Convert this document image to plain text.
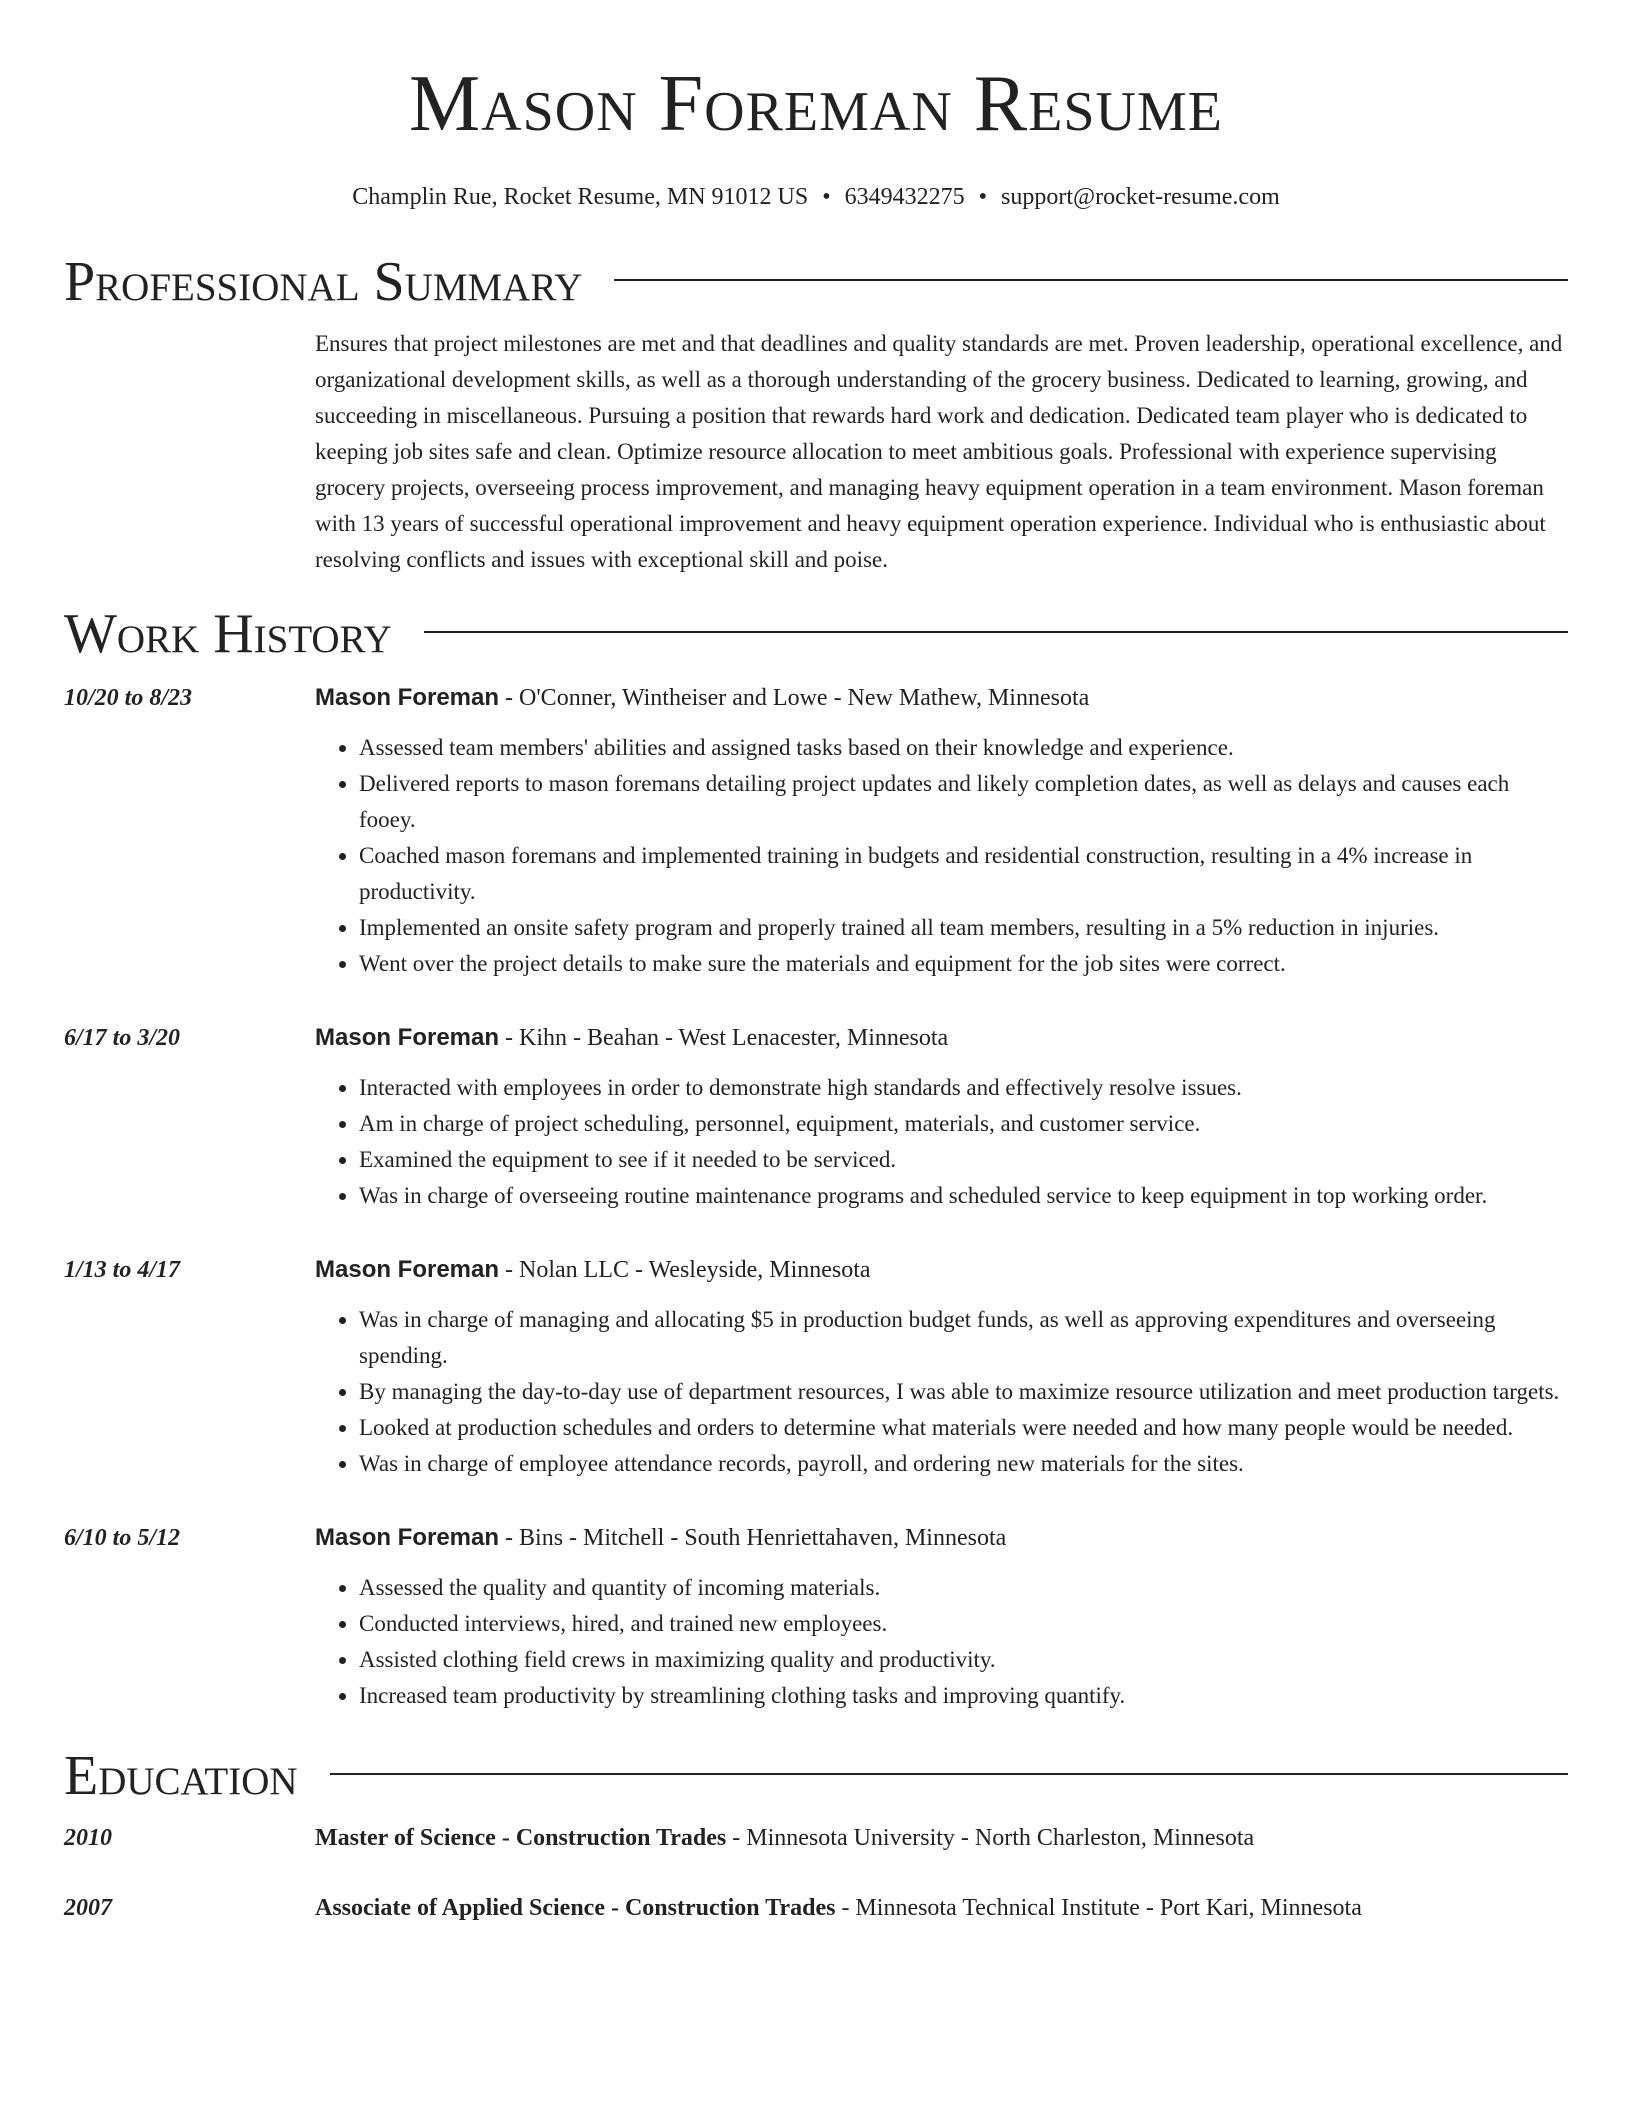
Mason Foreman Resume
Champlin Rue, Rocket Resume, MN 91012 US • 6349432275 • support@rocket-resume.com
Professional Summary
Ensures that project milestones are met and that deadlines and quality standards are met. Proven leadership, operational excellence, and organizational development skills, as well as a thorough understanding of the grocery business. Dedicated to learning, growing, and succeeding in miscellaneous. Pursuing a position that rewards hard work and dedication. Dedicated team player who is dedicated to keeping job sites safe and clean. Optimize resource allocation to meet ambitious goals. Professional with experience supervising grocery projects, overseeing process improvement, and managing heavy equipment operation in a team environment. Mason foreman with 13 years of successful operational improvement and heavy equipment operation experience. Individual who is enthusiastic about resolving conflicts and issues with exceptional skill and poise.
Work History
10/20 to 8/23	Mason Foreman - O'Conner, Wintheiser and Lowe - New Mathew, Minnesota
• Assessed team members' abilities and assigned tasks based on their knowledge and experience.
• Delivered reports to mason foremans detailing project updates and likely completion dates, as well as delays and causes each fooey.
• Coached mason foremans and implemented training in budgets and residential construction, resulting in a 4% increase in productivity.
• Implemented an onsite safety program and properly trained all team members, resulting in a 5% reduction in injuries.
• Went over the project details to make sure the materials and equipment for the job sites were correct.
6/17 to 3/20	Mason Foreman - Kihn - Beahan - West Lenacester, Minnesota
• Interacted with employees in order to demonstrate high standards and effectively resolve issues.
• Am in charge of project scheduling, personnel, equipment, materials, and customer service.
• Examined the equipment to see if it needed to be serviced.
• Was in charge of overseeing routine maintenance programs and scheduled service to keep equipment in top working order.
1/13 to 4/17	Mason Foreman - Nolan LLC - Wesleyside, Minnesota
• Was in charge of managing and allocating $5 in production budget funds, as well as approving expenditures and overseeing spending.
• By managing the day-to-day use of department resources, I was able to maximize resource utilization and meet production targets.
• Looked at production schedules and orders to determine what materials were needed and how many people would be needed.
• Was in charge of employee attendance records, payroll, and ordering new materials for the sites.
6/10 to 5/12	Mason Foreman - Bins - Mitchell - South Henriettahaven, Minnesota
• Assessed the quality and quantity of incoming materials.
• Conducted interviews, hired, and trained new employees.
• Assisted clothing field crews in maximizing quality and productivity.
• Increased team productivity by streamlining clothing tasks and improving quantify.
Education
2010	Master of Science - Construction Trades - Minnesota University - North Charleston, Minnesota
2007	Associate of Applied Science - Construction Trades - Minnesota Technical Institute - Port Kari, Minnesota
